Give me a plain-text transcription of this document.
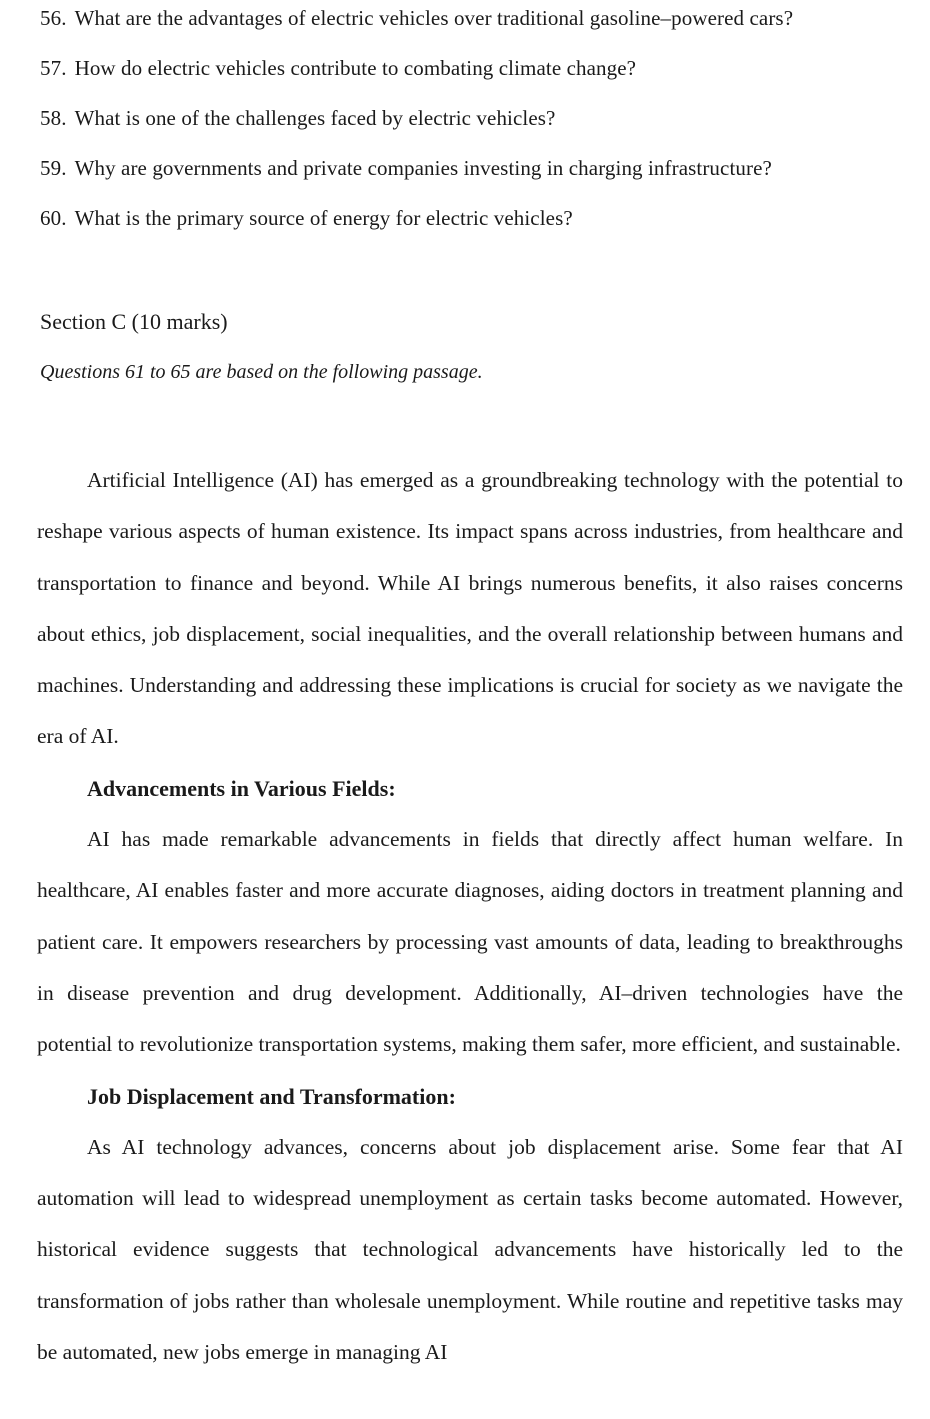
56. What are the advantages of electric vehicles over traditional gasoline–powered cars?
57. How do electric vehicles contribute to combating climate change?
58. What is one of the challenges faced by electric vehicles?
59. Why are governments and private companies investing in charging infrastructure?
60. What is the primary source of energy for electric vehicles?
Section C (10 marks)
Questions 61 to 65 are based on the following passage.

Artificial Intelligence (AI) has emerged as a groundbreaking technology with the potential to reshape various aspects of human existence. Its impact spans across industries, from healthcare and transportation to finance and beyond. While AI brings numerous benefits, it also raises concerns about ethics, job displacement, social inequalities, and the overall relationship between humans and machines. Understanding and addressing these implications is crucial for society as we navigate the era of AI.

Advancements in Various Fields:

AI has made remarkable advancements in fields that directly affect human welfare. In healthcare, AI enables faster and more accurate diagnoses, aiding doctors in treatment planning and patient care. It empowers researchers by processing vast amounts of data, leading to breakthroughs in disease prevention and drug development. Additionally, AI–driven technologies have the potential to revolutionize transportation systems, making them safer, more efficient, and sustainable.

Job Displacement and Transformation:

As AI technology advances, concerns about job displacement arise. Some fear that AI automation will lead to widespread unemployment as certain tasks become automated. However, historical evidence suggests that technological advancements have historically led to the transformation of jobs rather than wholesale unemployment. While routine and repetitive tasks may be automated, new jobs emerge in managing AI
